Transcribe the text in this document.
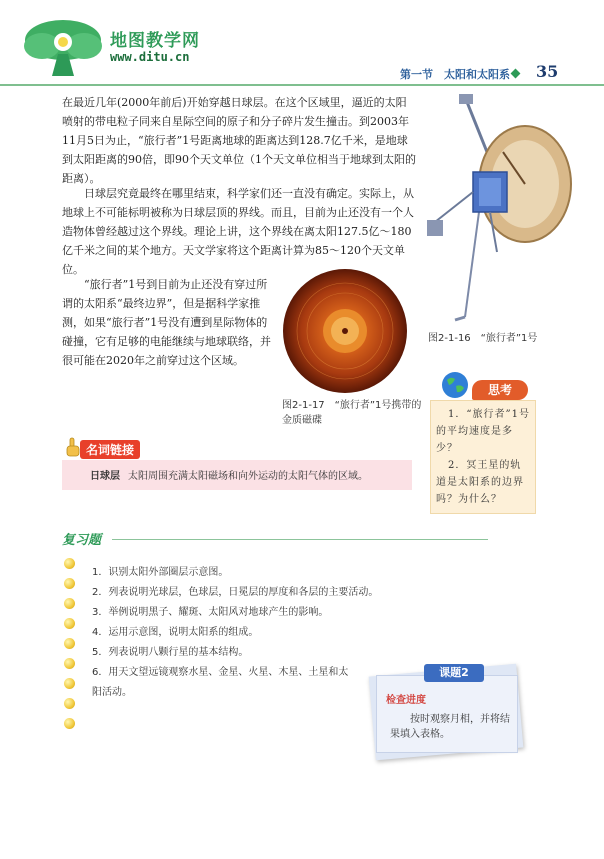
地图教学网
www.ditu.cn
第一节　太阳和太阳系 35
在最近几年(2000年前后)开始穿越日球层。在这个区域里，逼近的太阳喷射的带电粒子同来自星际空间的原子和分子碎片发生撞击。到2003年11月5日为止，“旅行者”1号距离地球的距离达到128.7亿千米，是地球到太阳距离的90倍，即90个天文单位（1个天文单位相当于地球到太阳的距离）。
日球层究竟最终在哪里结束，科学家们还一直没有确定。实际上，从地球上不可能标明被称为日球层顶的界线。而且，目前为止还没有一个人造物体曾经越过这个界线。理论上讲，这个界线在离太阳127.5亿～180亿千米之间的某个地方。天文学家将这个距离计算为85～120个天文单位。
“旅行者”1号到目前为止还没有穿过所谓的太阳系“最终边界”，但是据科学家推测，如果“旅行者”1号没有遭到星际物体的碰撞，它有足够的电能继续与地球联络，并很可能在2020年之前穿过这个区域。
图2-1-16　“旅行者”1号
图2-1-17　“旅行者”1号携带的金质磁碟
思考
1．“旅行者”1号的平均速度是多少？
2．冥王星的轨道是太阳系的边界吗？为什么？
名词链接
日球层 太阳周围充满太阳磁场和向外运动的太阳气体的区域。
复习题
1．识别太阳外部圈层示意图。
2．列表说明光球层，色球层，日冕层的厚度和各层的主要活动。
3．举例说明黑子、耀斑、太阳风对地球产生的影响。
4．运用示意图，说明太阳系的组成。
5．列表说明八颗行星的基本结构。
6．用天文望远镜观察水星、金星、火星、木星、土星和太
阳活动。
课题2
检查进度
按时观察月相，并将结果填入表格。
